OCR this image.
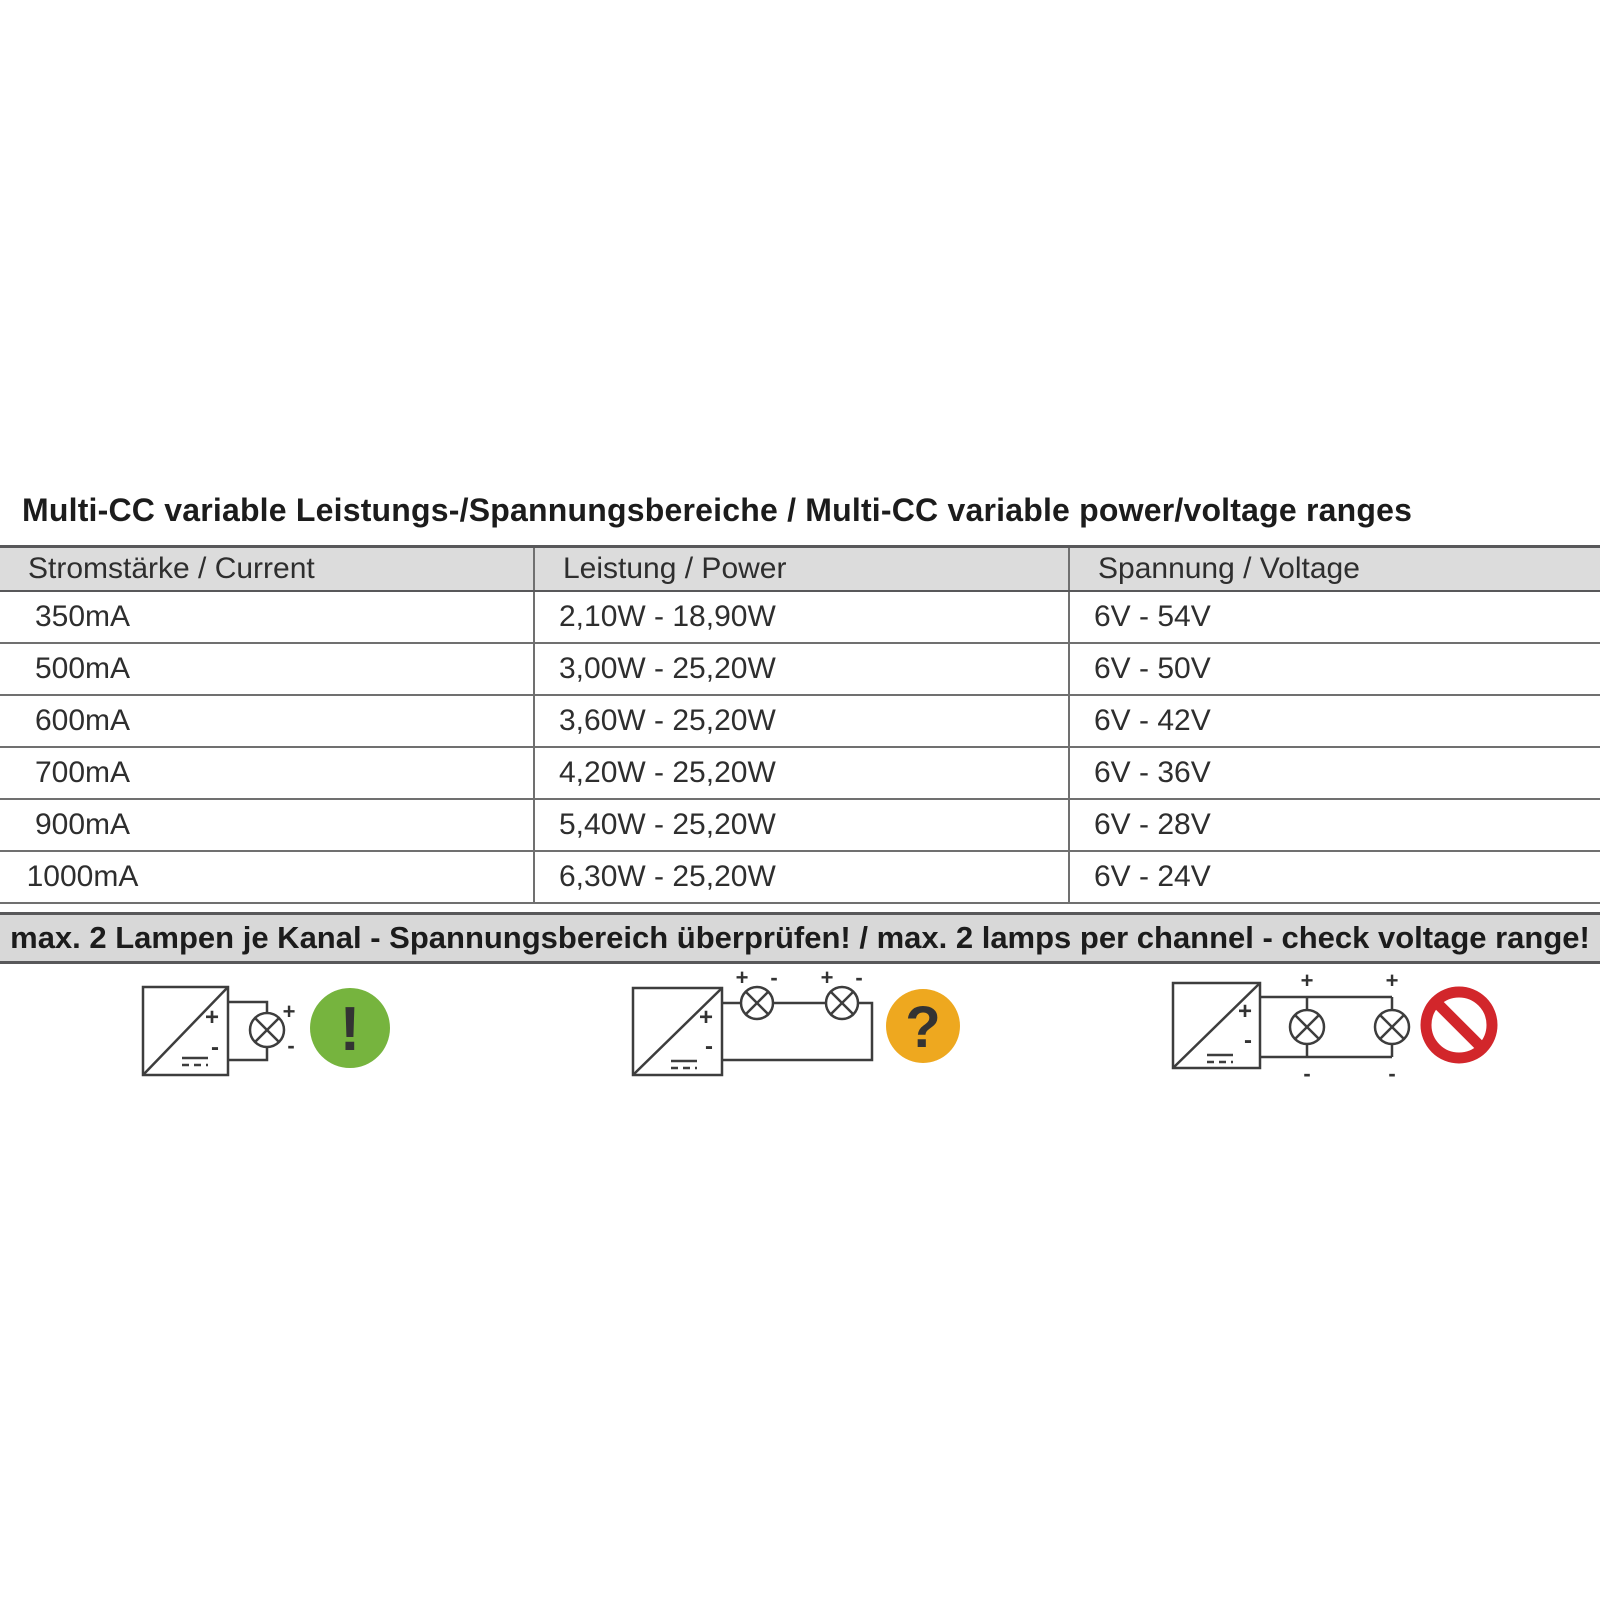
Multi-CC variable Leistungs-/Spannungsbereiche / Multi-CC variable power/voltage ranges
Stromstärke / Current	Leistung / Power	Spannung / Voltage
350mA	2,10W - 18,90W	6V - 54V
500mA	3,00W - 25,20W	6V - 50V
600mA	3,60W - 25,20W	6V - 42V
700mA	4,20W - 25,20W	6V - 36V
900mA	5,40W - 25,20W	6V - 28V
1000mA	6,30W - 25,20W	6V - 24V
max. 2 Lampen je Kanal - Spannungsbereich überprüfen! / max. 2 lamps per channel - check voltage range!
+
-
+
- !	+
-
+ - + -
?	+
-
+	+
-	-
